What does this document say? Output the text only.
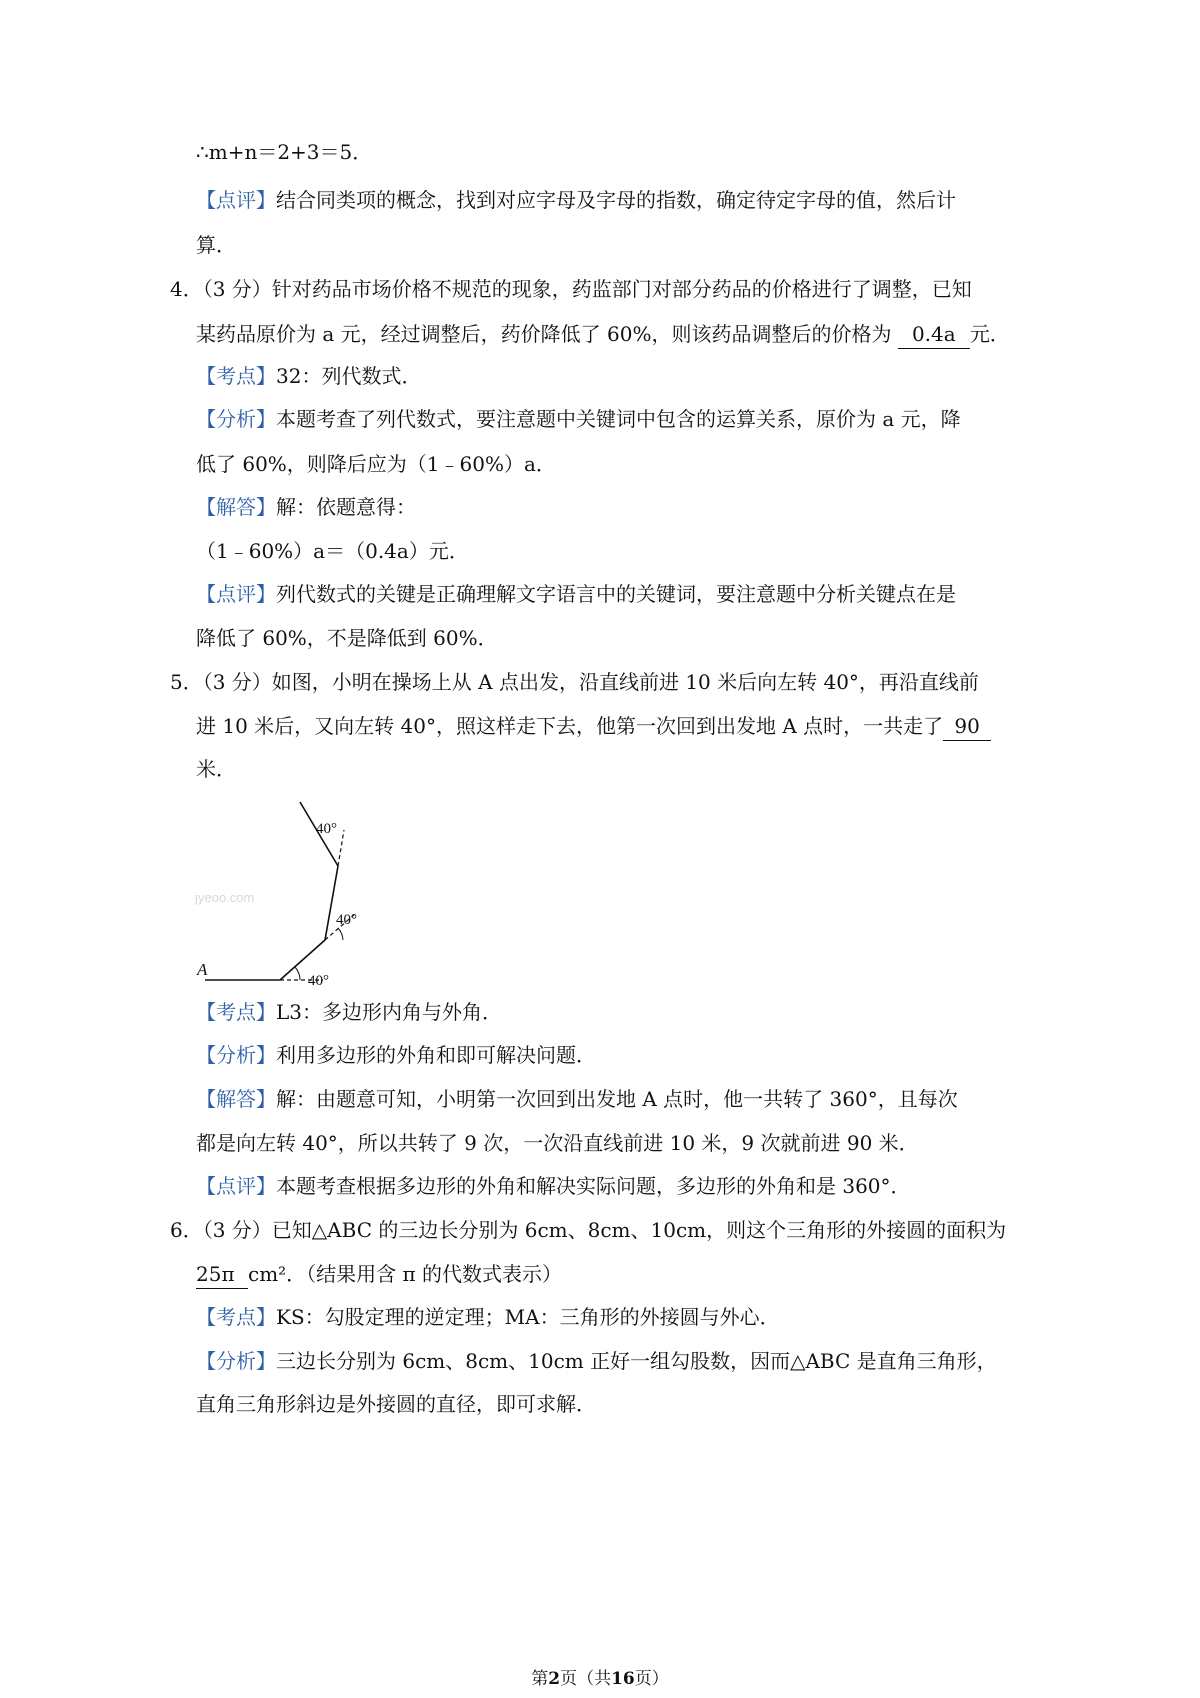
∴m+n＝2+3＝5．
【点评】结合同类项的概念，找到对应字母及字母的指数，确定待定字母的值，然后计
算．
4．（3 分）针对药品市场价格不规范的现象，药监部门对部分药品的价格进行了调整，已知
某药品原价为 a 元，经过调整后，药价降低了 60%，则该药品调整后的价格为 0.4a 元．
【考点】32：列代数式．
【分析】本题考查了列代数式，要注意题中关键词中包含的运算关系，原价为 a 元，降
低了 60%，则降后应为（1﹣60%）a．
【解答】解：依题意得：
（1﹣60%）a＝（0.4a）元．
【点评】列代数式的关键是正确理解文字语言中的关键词，要注意题中分析关键点在是
降低了 60%，不是降低到 60%．
5．（3 分）如图，小明在操场上从 A 点出发，沿直线前进 10 米后向左转 40°，再沿直线前
进 10 米后，又向左转 40°，照这样走下去，他第一次回到出发地 A 点时，一共走了 90
米．
40°
40°
40°
A
jyeoo.com
【考点】L3：多边形内角与外角．
【分析】利用多边形的外角和即可解决问题．
【解答】解：由题意可知，小明第一次回到出发地 A 点时，他一共转了 360°，且每次
都是向左转 40°，所以共转了 9 次，一次沿直线前进 10 米，9 次就前进 90 米．
【点评】本题考查根据多边形的外角和解决实际问题，多边形的外角和是 360°．
6．（3 分）已知△ABC 的三边长分别为 6cm、8cm、10cm，则这个三角形的外接圆的面积为
25π cm²．（结果用含 π 的代数式表示）
【考点】KS：勾股定理的逆定理；MA：三角形的外接圆与外心．
【分析】三边长分别为 6cm、8cm、10cm 正好一组勾股数，因而△ABC 是直角三角形，
直角三角形斜边是外接圆的直径，即可求解．
第2页（共16页）
